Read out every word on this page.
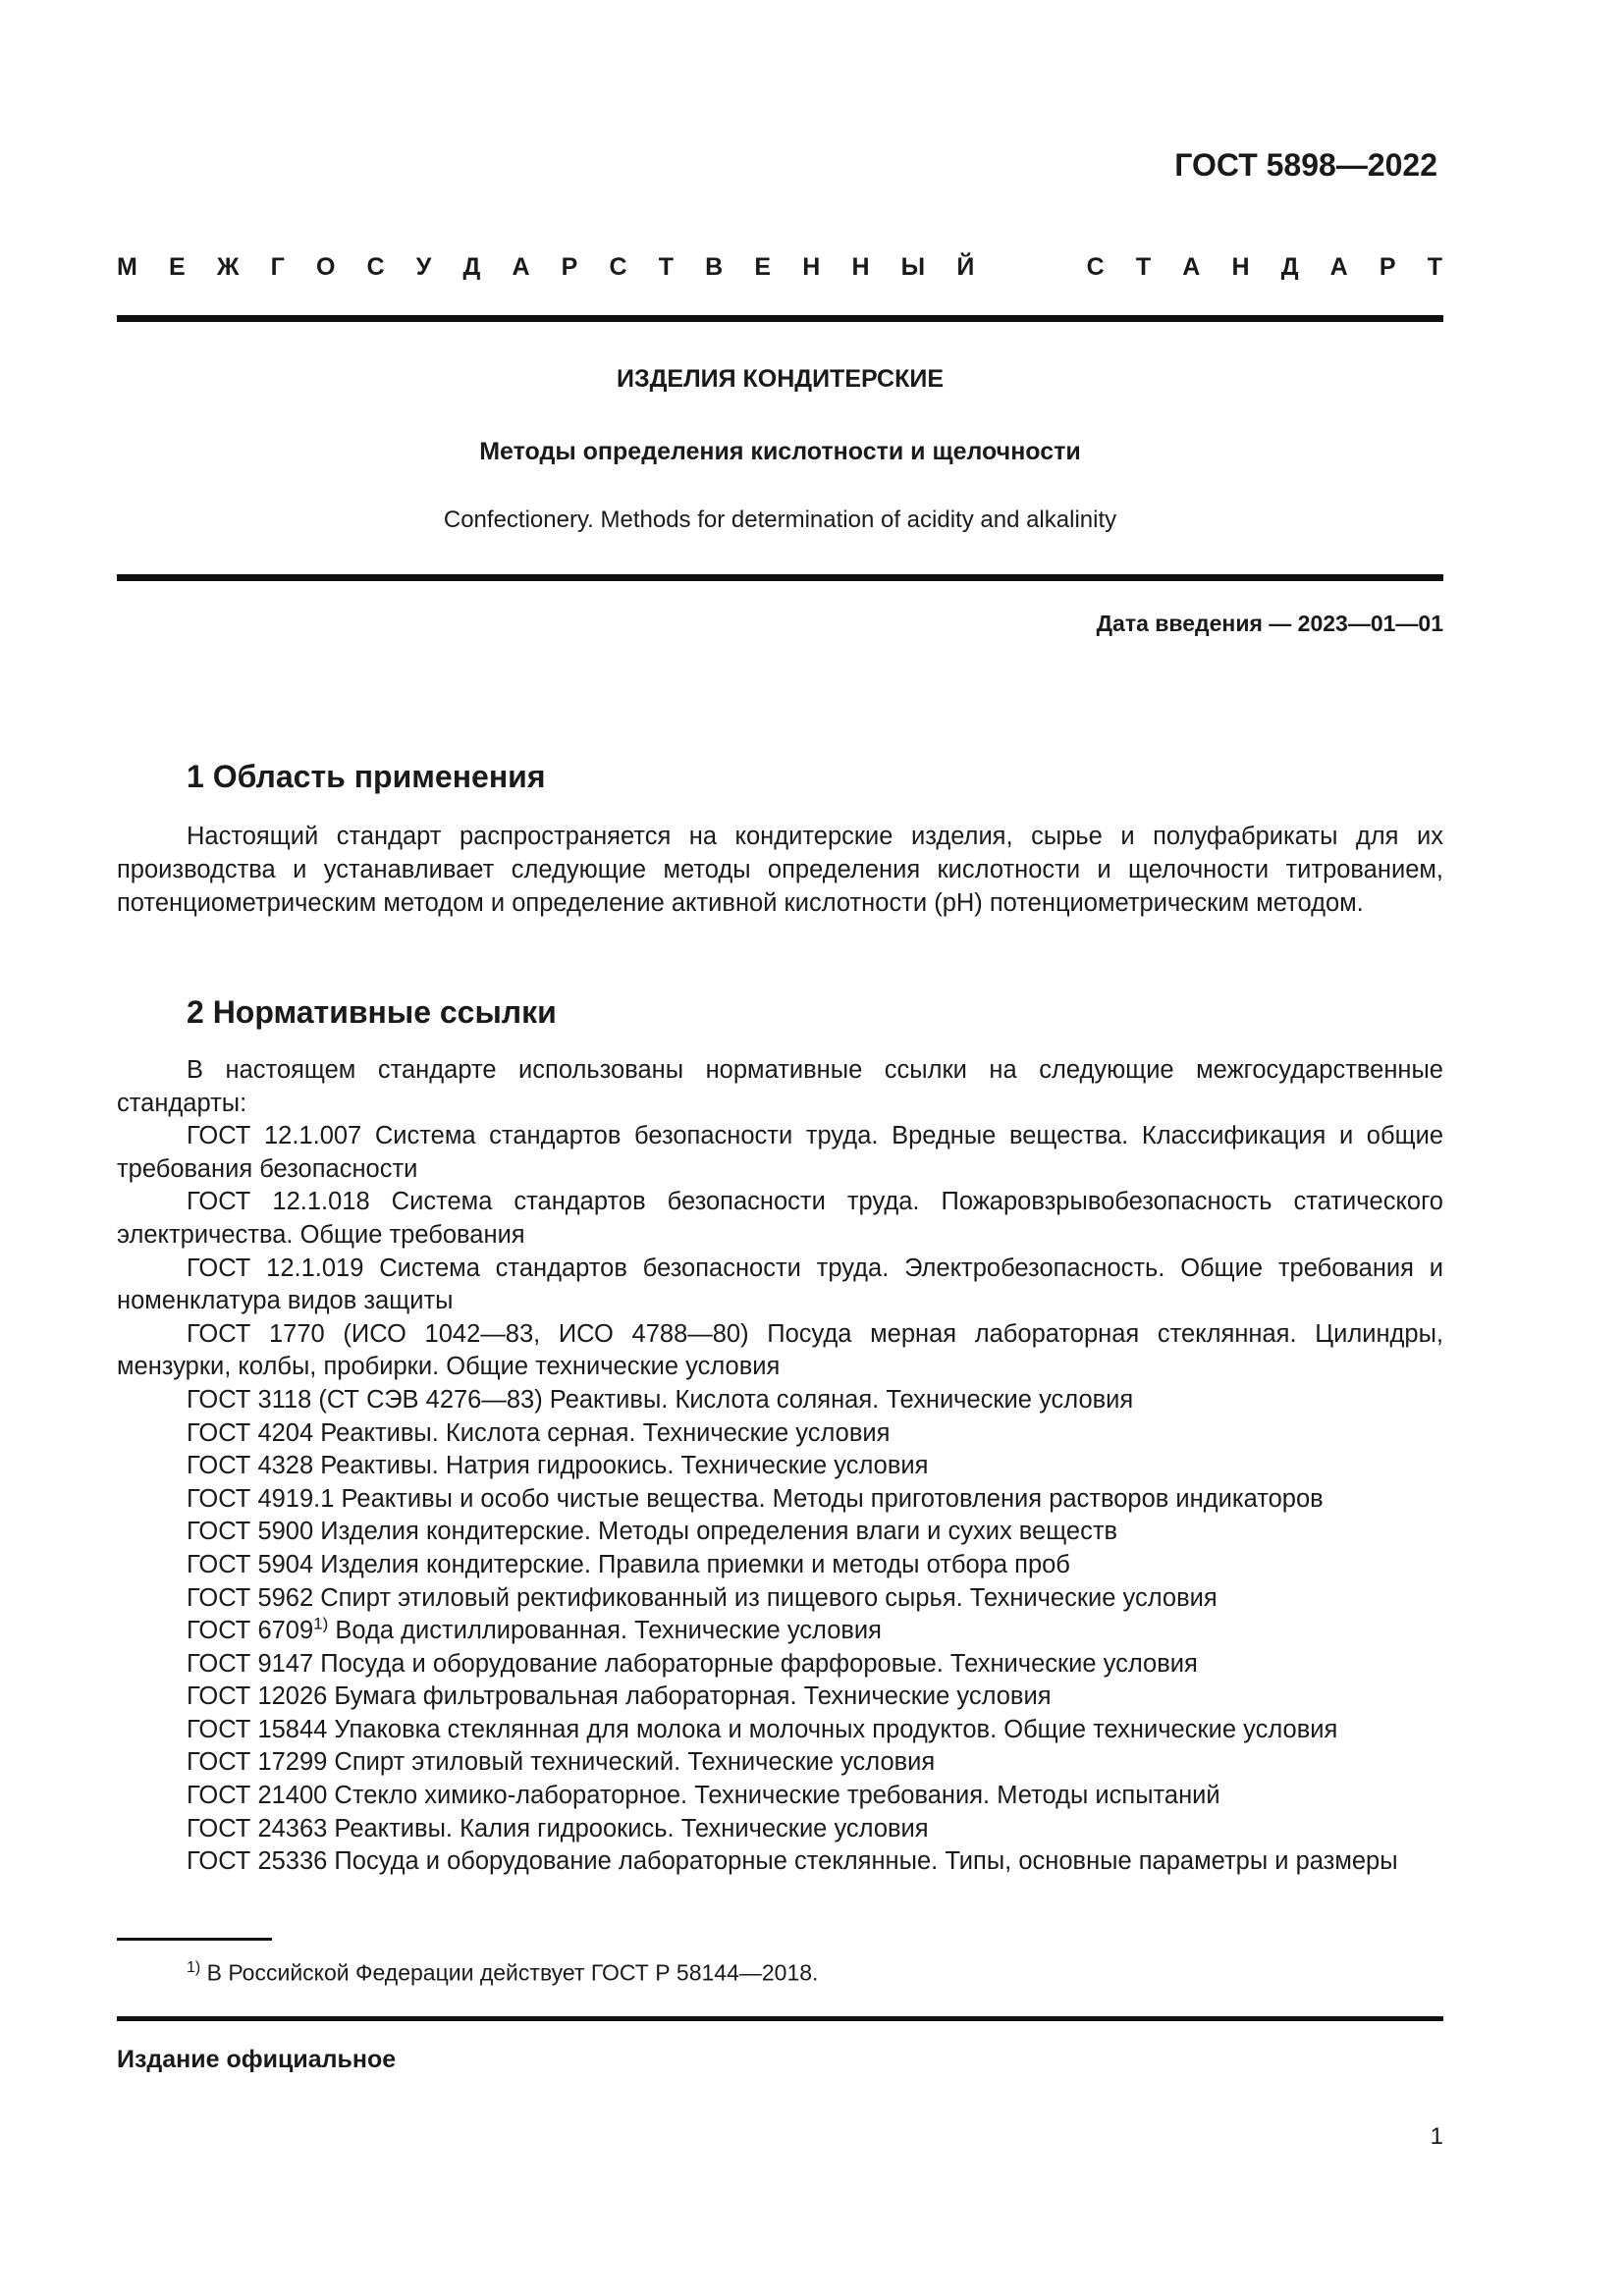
ГОСТ 5898—2022
М Е Ж Г О С У Д А Р С Т В Е Н Н Ы Й	С Т А Н Д А Р Т
ИЗДЕЛИЯ КОНДИТЕРСКИЕ
Методы определения кислотности и щелочности
Confectionery. Methods for determination of acidity and alkalinity
Дата введения — 2023—01—01
1 Область применения

Настоящий стандарт распространяется на кондитерские изделия, сырье и полуфабрикаты для их производства и устанавливает следующие методы определения кислотности и щелочности титрованием, потенциометрическим методом и определение активной кислотности (рН) потенциометрическим методом.

2 Нормативные ссылки
В настоящем стандарте использованы нормативные ссылки на следующие межгосударственные стандарты:
ГОСТ 12.1.007 Система стандартов безопасности труда. Вредные вещества. Классификация и общие требования безопасности
ГОСТ 12.1.018 Система стандартов безопасности труда. Пожаровзрывобезопасность статического электричества. Общие требования
ГОСТ 12.1.019 Система стандартов безопасности труда. Электробезопасность. Общие требования и номенклатура видов защиты
ГОСТ 1770 (ИСО 1042—83, ИСО 4788—80) Посуда мерная лабораторная стеклянная. Цилиндры, мензурки, колбы, пробирки. Общие технические условия
ГОСТ 3118 (СТ СЭВ 4276—83) Реактивы. Кислота соляная. Технические условия
ГОСТ 4204 Реактивы. Кислота серная. Технические условия
ГОСТ 4328 Реактивы. Натрия гидроокись. Технические условия
ГОСТ 4919.1 Реактивы и особо чистые вещества. Методы приготовления растворов индикаторов
ГОСТ 5900 Изделия кондитерские. Методы определения влаги и сухих веществ
ГОСТ 5904 Изделия кондитерские. Правила приемки и методы отбора проб
ГОСТ 5962 Спирт этиловый ректификованный из пищевого сырья. Технические условия
ГОСТ 6709$^{1)}$ Вода дистиллированная. Технические условия
ГОСТ 9147 Посуда и оборудование лабораторные фарфоровые. Технические условия
ГОСТ 12026 Бумага фильтровальная лабораторная. Технические условия
ГОСТ 15844 Упаковка стеклянная для молока и молочных продуктов. Общие технические условия
ГОСТ 17299 Спирт этиловый технический. Технические условия
ГОСТ 21400 Стекло химико-лабораторное. Технические требования. Методы испытаний
ГОСТ 24363 Реактивы. Калия гидроокись. Технические условия
ГОСТ 25336 Посуда и оборудование лабораторные стеклянные. Типы, основные параметры и размеры
$^{1)}$ В Российской Федерации действует ГОСТ Р 58144—2018.
Издание официальное
1
